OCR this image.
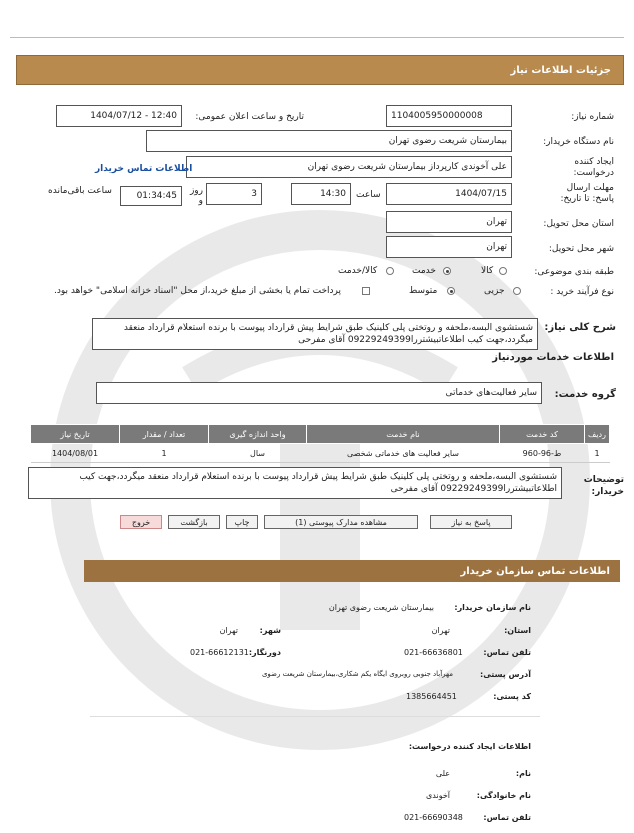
جزئیات اطلاعات نیاز
شماره نیاز:
1104005950000008
تاریخ و ساعت اعلان عمومی:
1404/07/12 - 12:40
نام دستگاه خریدار:
بیمارستان شریعت رضوی تهران
ایجاد کننده درخواست:
علی آخوندی کارپرداز بیمارستان شریعت رضوی تهران
اطلاعات تماس خریدار
مهلت ارسال پاسخ: تا تاریخ:
1404/07/15
ساعت
14:30
3
روز و
01:34:45
ساعت باقی‌مانده
استان محل تحویل:
تهران
شهر محل تحویل:
تهران
طبقه بندی موضوعی:
کالا
خدمت
کالا/خدمت
نوع فرآیند خرید :
جزیی
متوسط
پرداخت تمام یا بخشی از مبلغ خرید،از محل "اسناد خزانه اسلامی" خواهد بود.
شرح کلی نیاز:
شستشوی البسه،ملحفه و روتختی پلی کلینیک طبق شرایط پیش قرارداد پیوست با برنده استعلام قرارداد منعقد میگردد،جهت کیب اطلاعاتبیشتررا09229249399 آقای مفرحی
اطلاعات خدمات موردنیاز
گروه خدمت:
سایر فعالیت‌های خدماتی
ردیف	کد خدمت	نام خدمت	واحد اندازه گیری	تعداد / مقدار	تاریخ نیاز
1	ط-96-960	سایر فعالیت های خدماتی شخصی	سال	1	1404/08/01
توضیحات خریدار:
شستشوی البسه،ملحفه و روتختی پلی کلینیک طبق شرایط پیش قرارداد پیوست با برنده استعلام قرارداد منعقد میگردد،جهت کیب اطلاعاتبیشتررا09229249399 آقای مفرحی
پاسخ به نیاز
مشاهده مدارک پیوستی (1)
چاپ
بازگشت
خروج
اطلاعات تماس سازمان خریدار
نام سازمان خریدار:
بیمارستان شریعت رضوی تهران
استان:
تهران
شهر:
تهران
تلفن تماس:
021-66636801
دورنگار:
021-66612131
آدرس پستی:
مهرآباد جنوبی روبروی ایگاه یکم شکاری،بیمارستان شریعت رضوی
کد پستی:
1385664451
اطلاعات ایجاد کننده درخواست:
نام:
علی
نام خانوادگی:
آخوندی
تلفن تماس:
021-66690348
